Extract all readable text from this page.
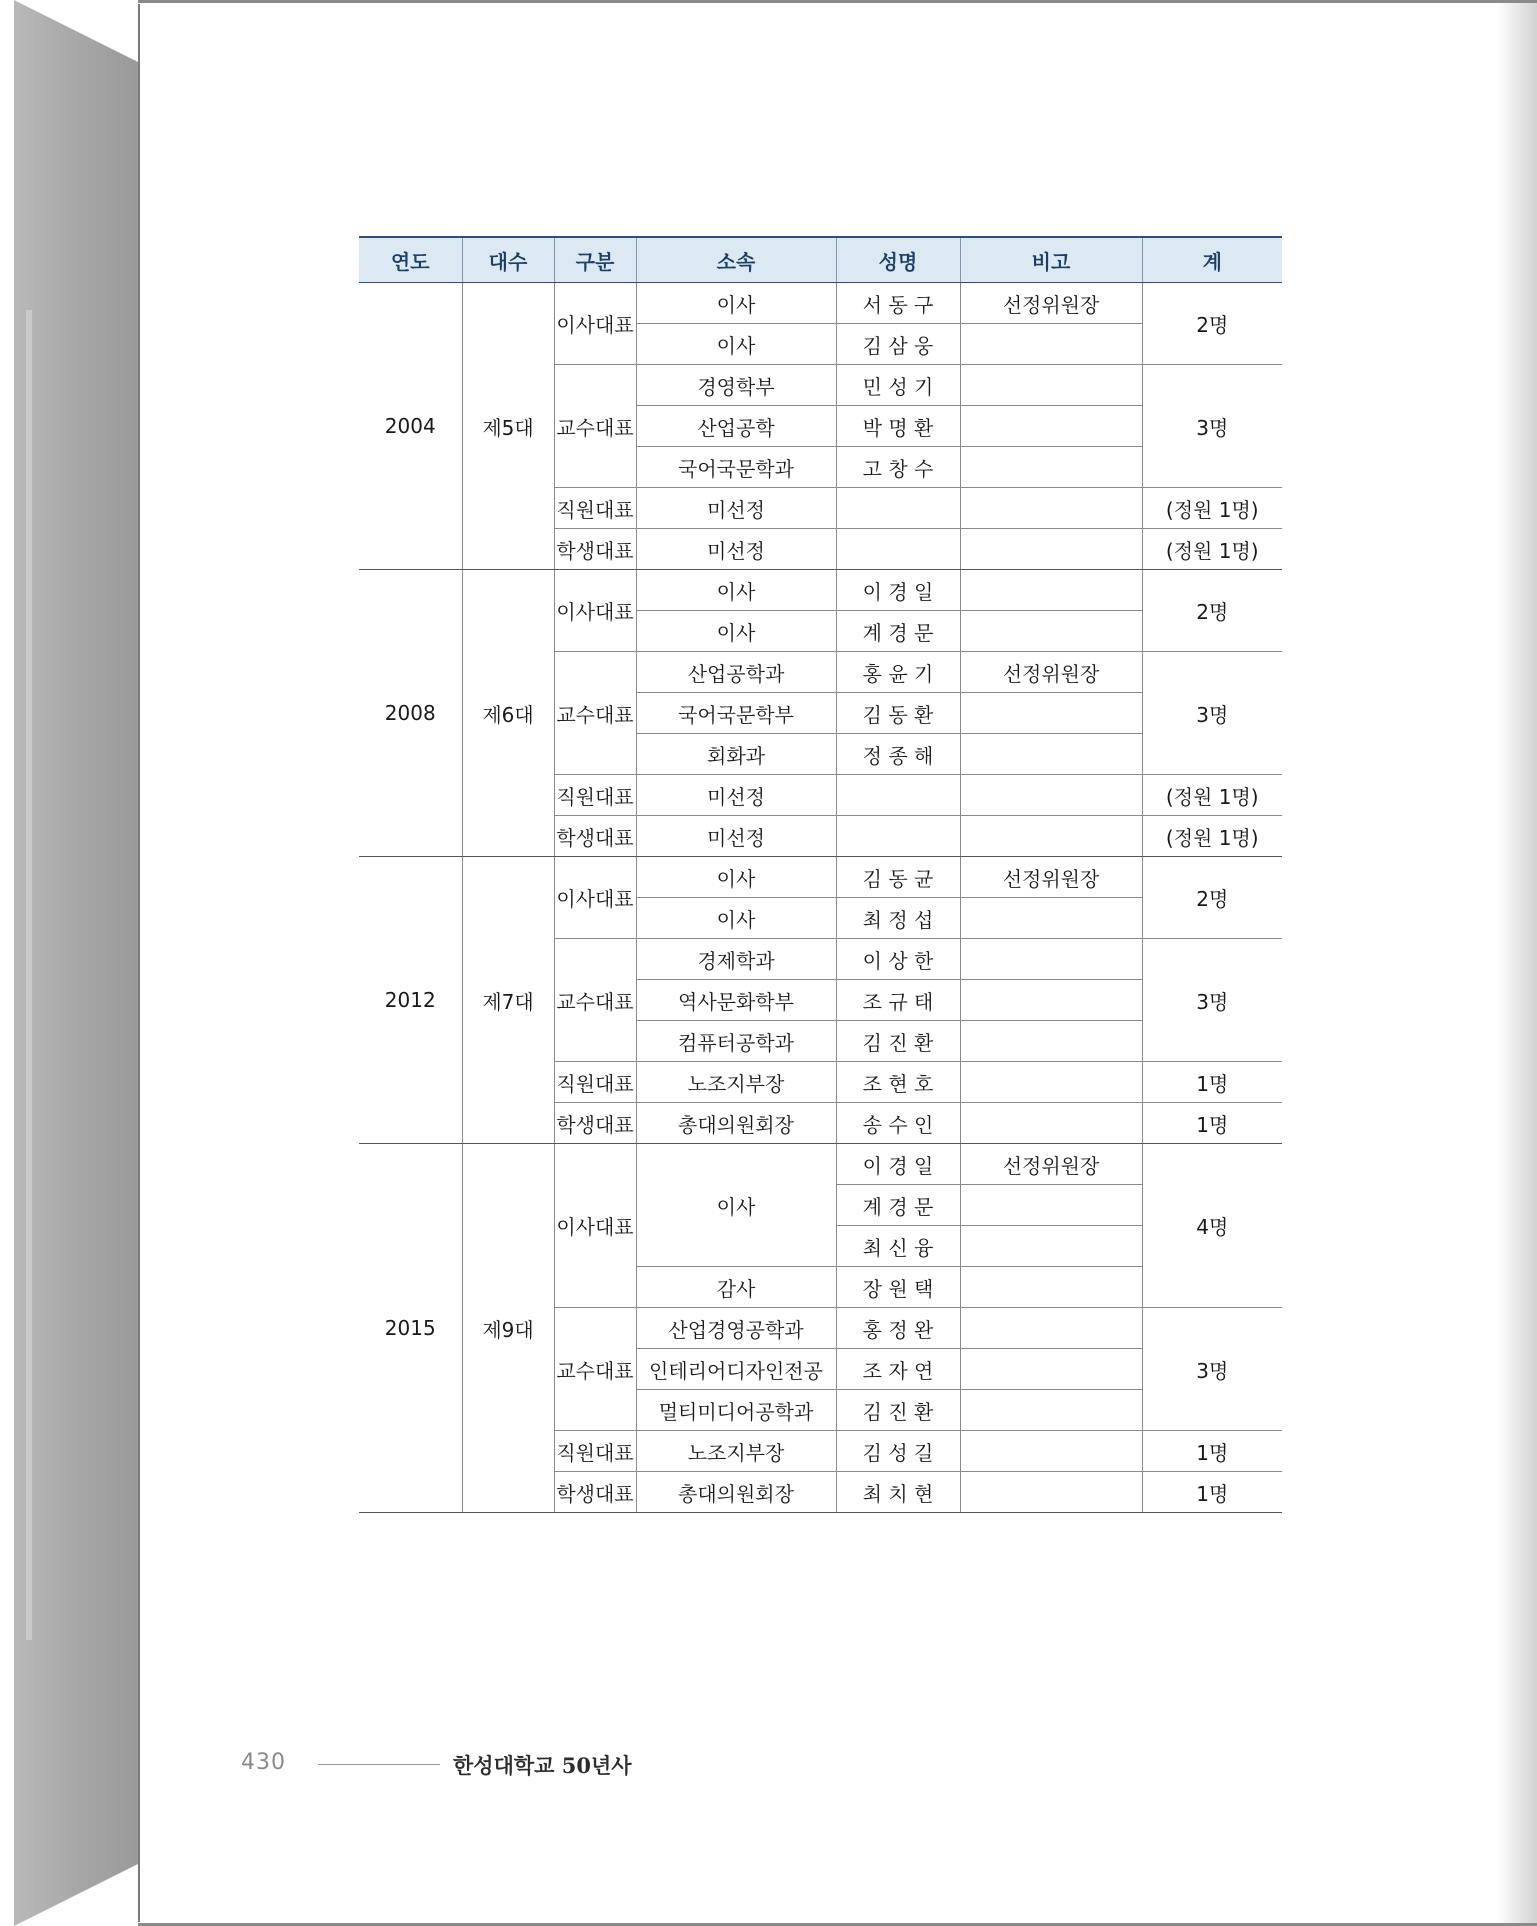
연도	대수	구분	소속	성명	비고	계
2004	제5대	이사대표	이사	서 동 구	선정위원장	2명
			이사	김 삼 웅		
		교수대표	경영학부	민 성 기		3명
			산업공학	박 명 환		
			국어국문학과	고 창 수		
		직원대표	미선정			(정원 1명)
		학생대표	미선정			(정원 1명)
2008	제6대	이사대표	이사	이 경 일		2명
			이사	계 경 문		
		교수대표	산업공학과	홍 윤 기	선정위원장	3명
			국어국문학부	김 동 환		
			회화과	정 종 해		
		직원대표	미선정			(정원 1명)
		학생대표	미선정			(정원 1명)
2012	제7대	이사대표	이사	김 동 균	선정위원장	2명
			이사	최 정 섭		
		교수대표	경제학과	이 상 한		3명
			역사문화학부	조 규 태		
			컴퓨터공학과	김 진 환		
		직원대표	노조지부장	조 현 호		1명
		학생대표	총대의원회장	송 수 인		1명
2015	제9대	이사대표	이사	이 경 일	선정위원장	4명
				계 경 문		
				최 신 융		
			감사	장 원 택		
		교수대표	산업경영공학과	홍 정 완		3명
			인테리어디자인전공	조 자 연		
			멀티미디어공학과	김 진 환		
		직원대표	노조지부장	김 성 길		1명
		학생대표	총대의원회장	최 치 현		1명
430	한성대학교 50년사
